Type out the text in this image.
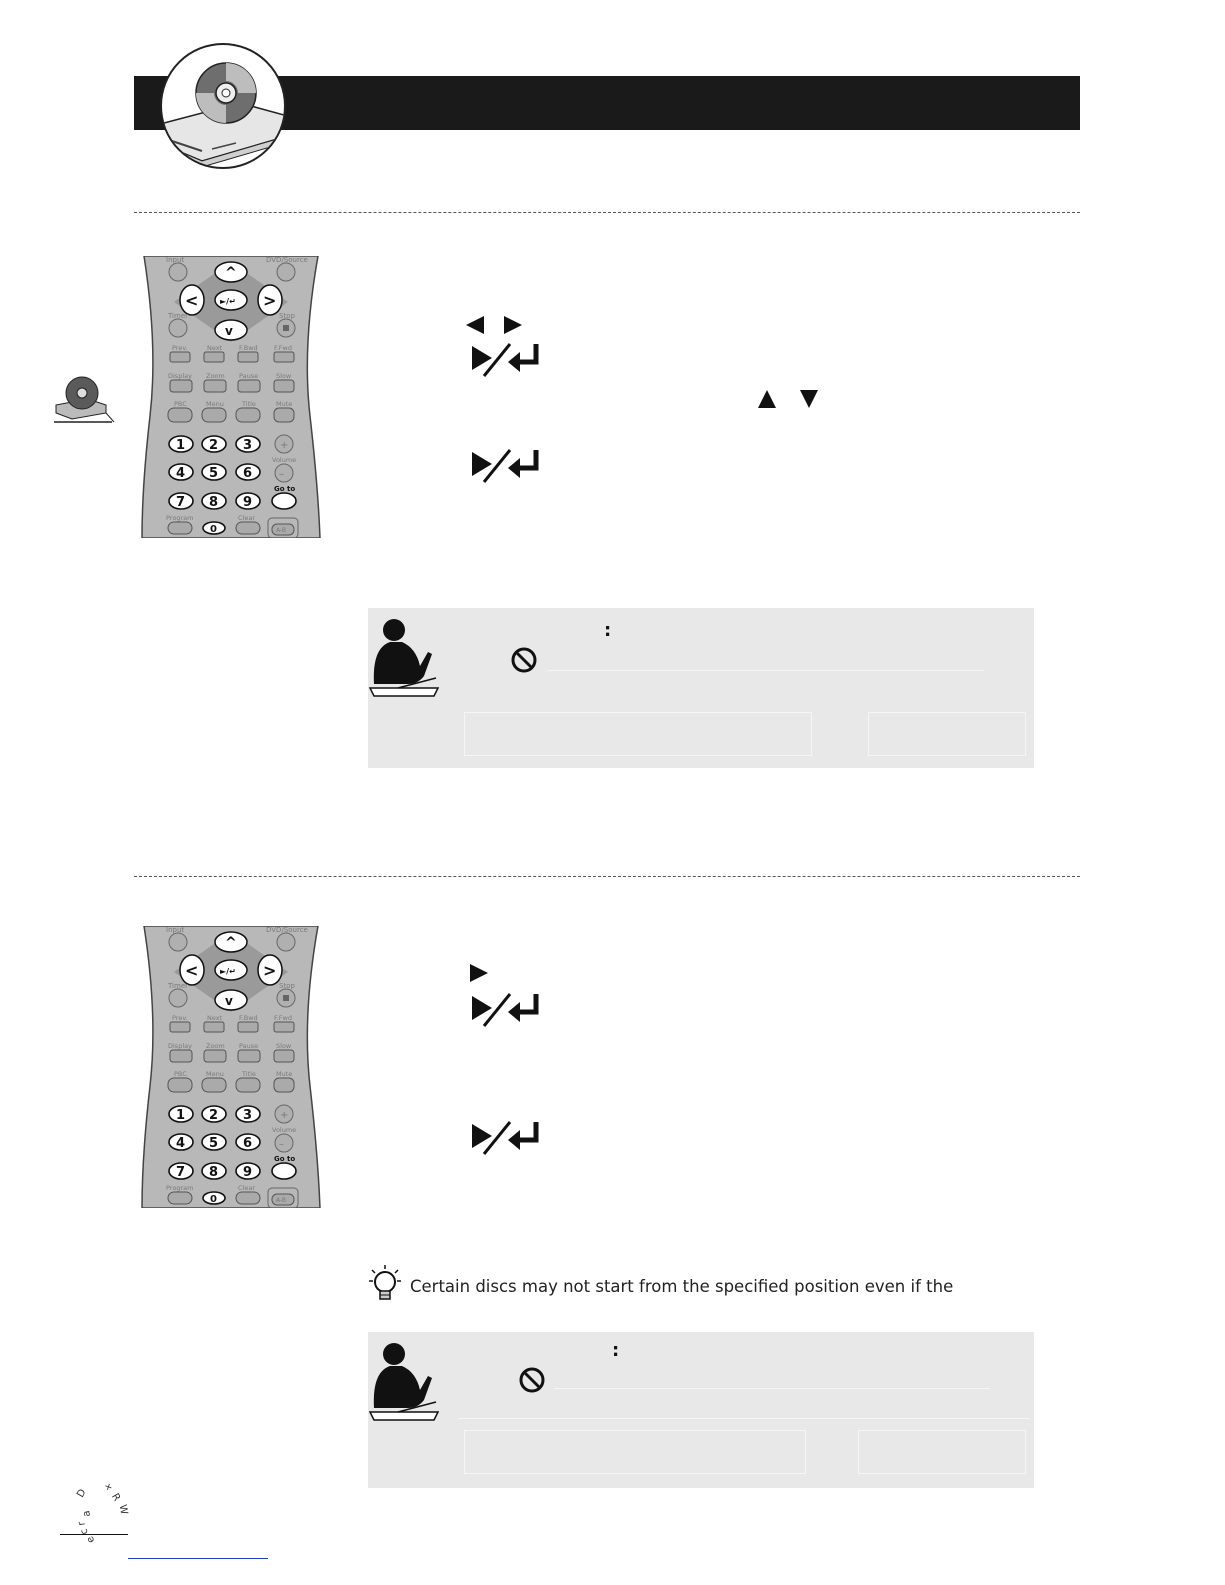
Input	DVD/Source
^
<	>
►/↵
v
Timer	Stop
Prev.	Next	F.Bwd	F.Fwd
Display Zoom Pause	Slow
PBC	Menu	Title	Mute
1 2 3
4 5 6
7 8 9
0
+
Volume
–
Go to
Program	Clear
A-B
Input	DVD/Source
^
<	>
►/↵
v
Timer	Stop
Prev.	Next	F.Bwd	F.Fwd
Display Zoom Pause	Slow
PBC	Menu	Title	Mute
1 2 3
4 5 6
7 8 9
0
+
Volume
–
Go to
Program	Clear
A-B
:
Certain discs may not start from the specified position even if the
:
D +
R
W
a
r
c
e
